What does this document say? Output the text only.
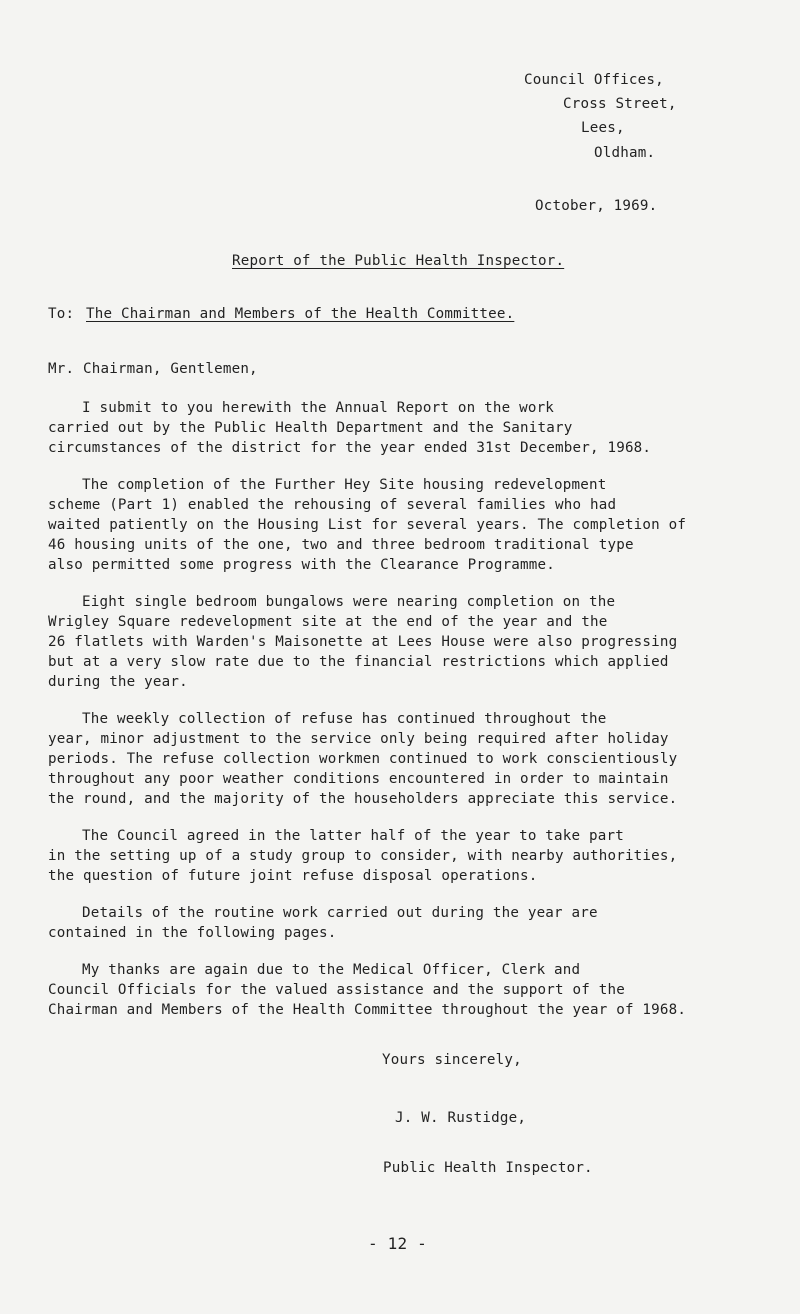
Council Offices,
Cross Street,
Lees,
Oldham.
October, 1969.
Report of the Public Health Inspector.
To: The Chairman and Members of the Health Committee.
Mr. Chairman, Gentlemen,
I submit to you herewith the Annual Report on the work
carried out by the Public Health Department and the Sanitary
circumstances of the district for the year ended 31st December, 1968.
The completion of the Further Hey Site housing redevelopment
scheme (Part 1) enabled the rehousing of several families who had
waited patiently on the Housing List for several years. The completion of
46 housing units of the one, two and three bedroom traditional type
also permitted some progress with the Clearance Programme.
Eight single bedroom bungalows were nearing completion on the
Wrigley Square redevelopment site at the end of the year and the
26 flatlets with Warden's Maisonette at Lees House were also progressing
but at a very slow rate due to the financial restrictions which applied
during the year.
The weekly collection of refuse has continued throughout the
year, minor adjustment to the service only being required after holiday
periods. The refuse collection workmen continued to work conscientiously
throughout any poor weather conditions encountered in order to maintain
the round, and the majority of the householders appreciate this service.
The Council agreed in the latter half of the year to take part
in the setting up of a study group to consider, with nearby authorities,
the question of future joint refuse disposal operations.
Details of the routine work carried out during the year are
contained in the following pages.
My thanks are again due to the Medical Officer, Clerk and
Council Officials for the valued assistance and the support of the
Chairman and Members of the Health Committee throughout the year of 1968.
Yours sincerely,
J. W. Rustidge,
Public Health Inspector.
- 12 -
